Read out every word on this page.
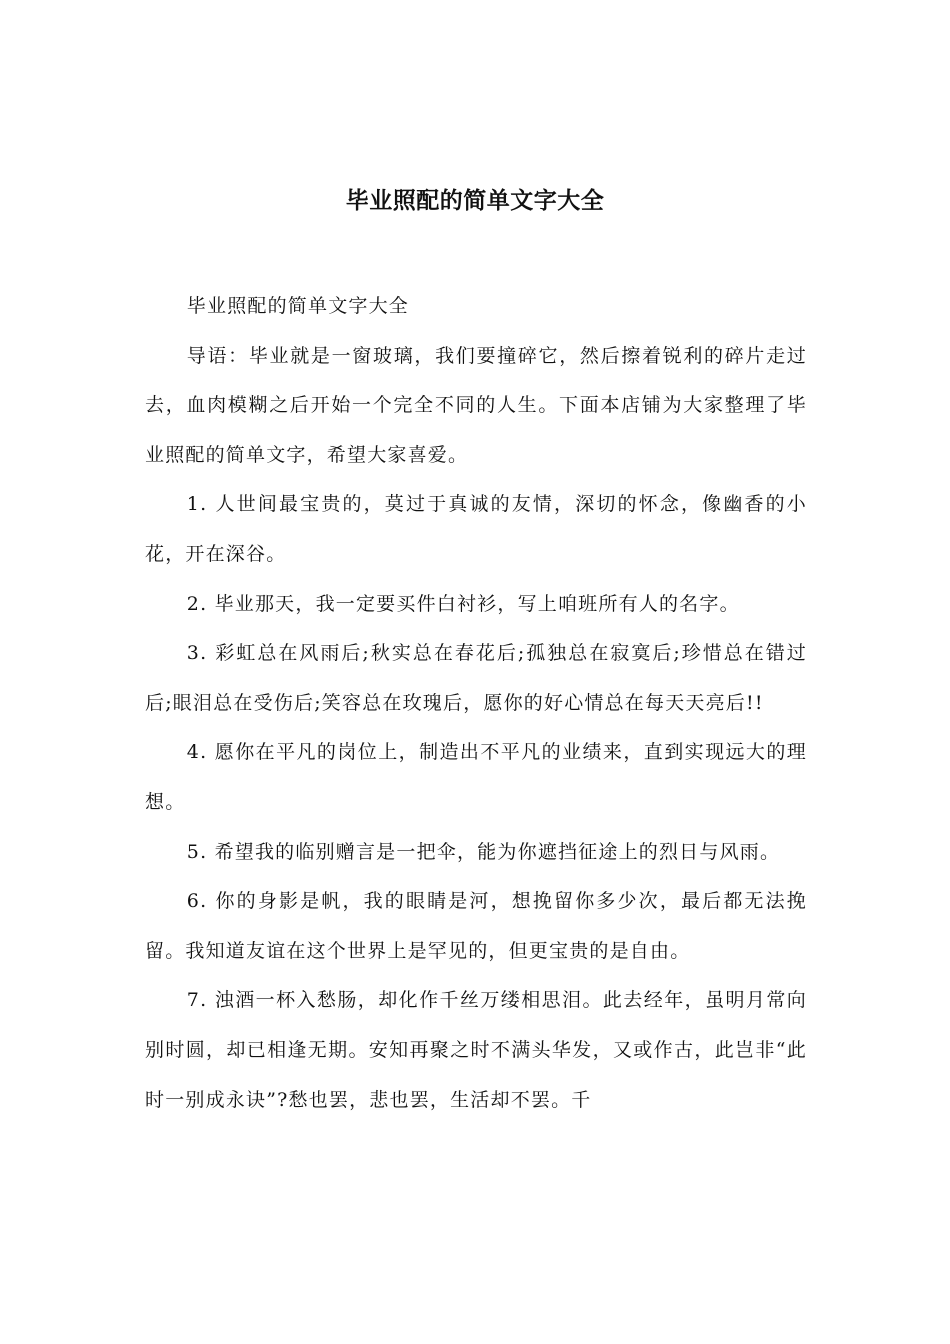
毕业照配的简单文字大全

毕业照配的简单文字大全

导语：毕业就是一窗玻璃，我们要撞碎它，然后擦着锐利的碎片走过去，血肉模糊之后开始一个完全不同的人生。下面本店铺为大家整理了毕业照配的简单文字，希望大家喜爱。

1. 人世间最宝贵的，莫过于真诚的友情，深切的怀念，像幽香的小花，开在深谷。

2. 毕业那天，我一定要买件白衬衫，写上咱班所有人的名字。

3. 彩虹总在风雨后;秋实总在春花后;孤独总在寂寞后;珍惜总在错过后;眼泪总在受伤后;笑容总在玫瑰后，愿你的好心情总在每天天亮后!!

4. 愿你在平凡的岗位上，制造出不平凡的业绩来，直到实现远大的理想。

5. 希望我的临别赠言是一把伞，能为你遮挡征途上的烈日与风雨。

6. 你的身影是帆，我的眼睛是河，想挽留你多少次，最后都无法挽留。我知道友谊在这个世界上是罕见的，但更宝贵的是自由。

7. 浊酒一杯入愁肠，却化作千丝万缕相思泪。此去经年，虽明月常向别时圆，却已相逢无期。安知再聚之时不满头华发，又或作古，此岂非“此时一别成永诀”?愁也罢，悲也罢，生活却不罢。千
